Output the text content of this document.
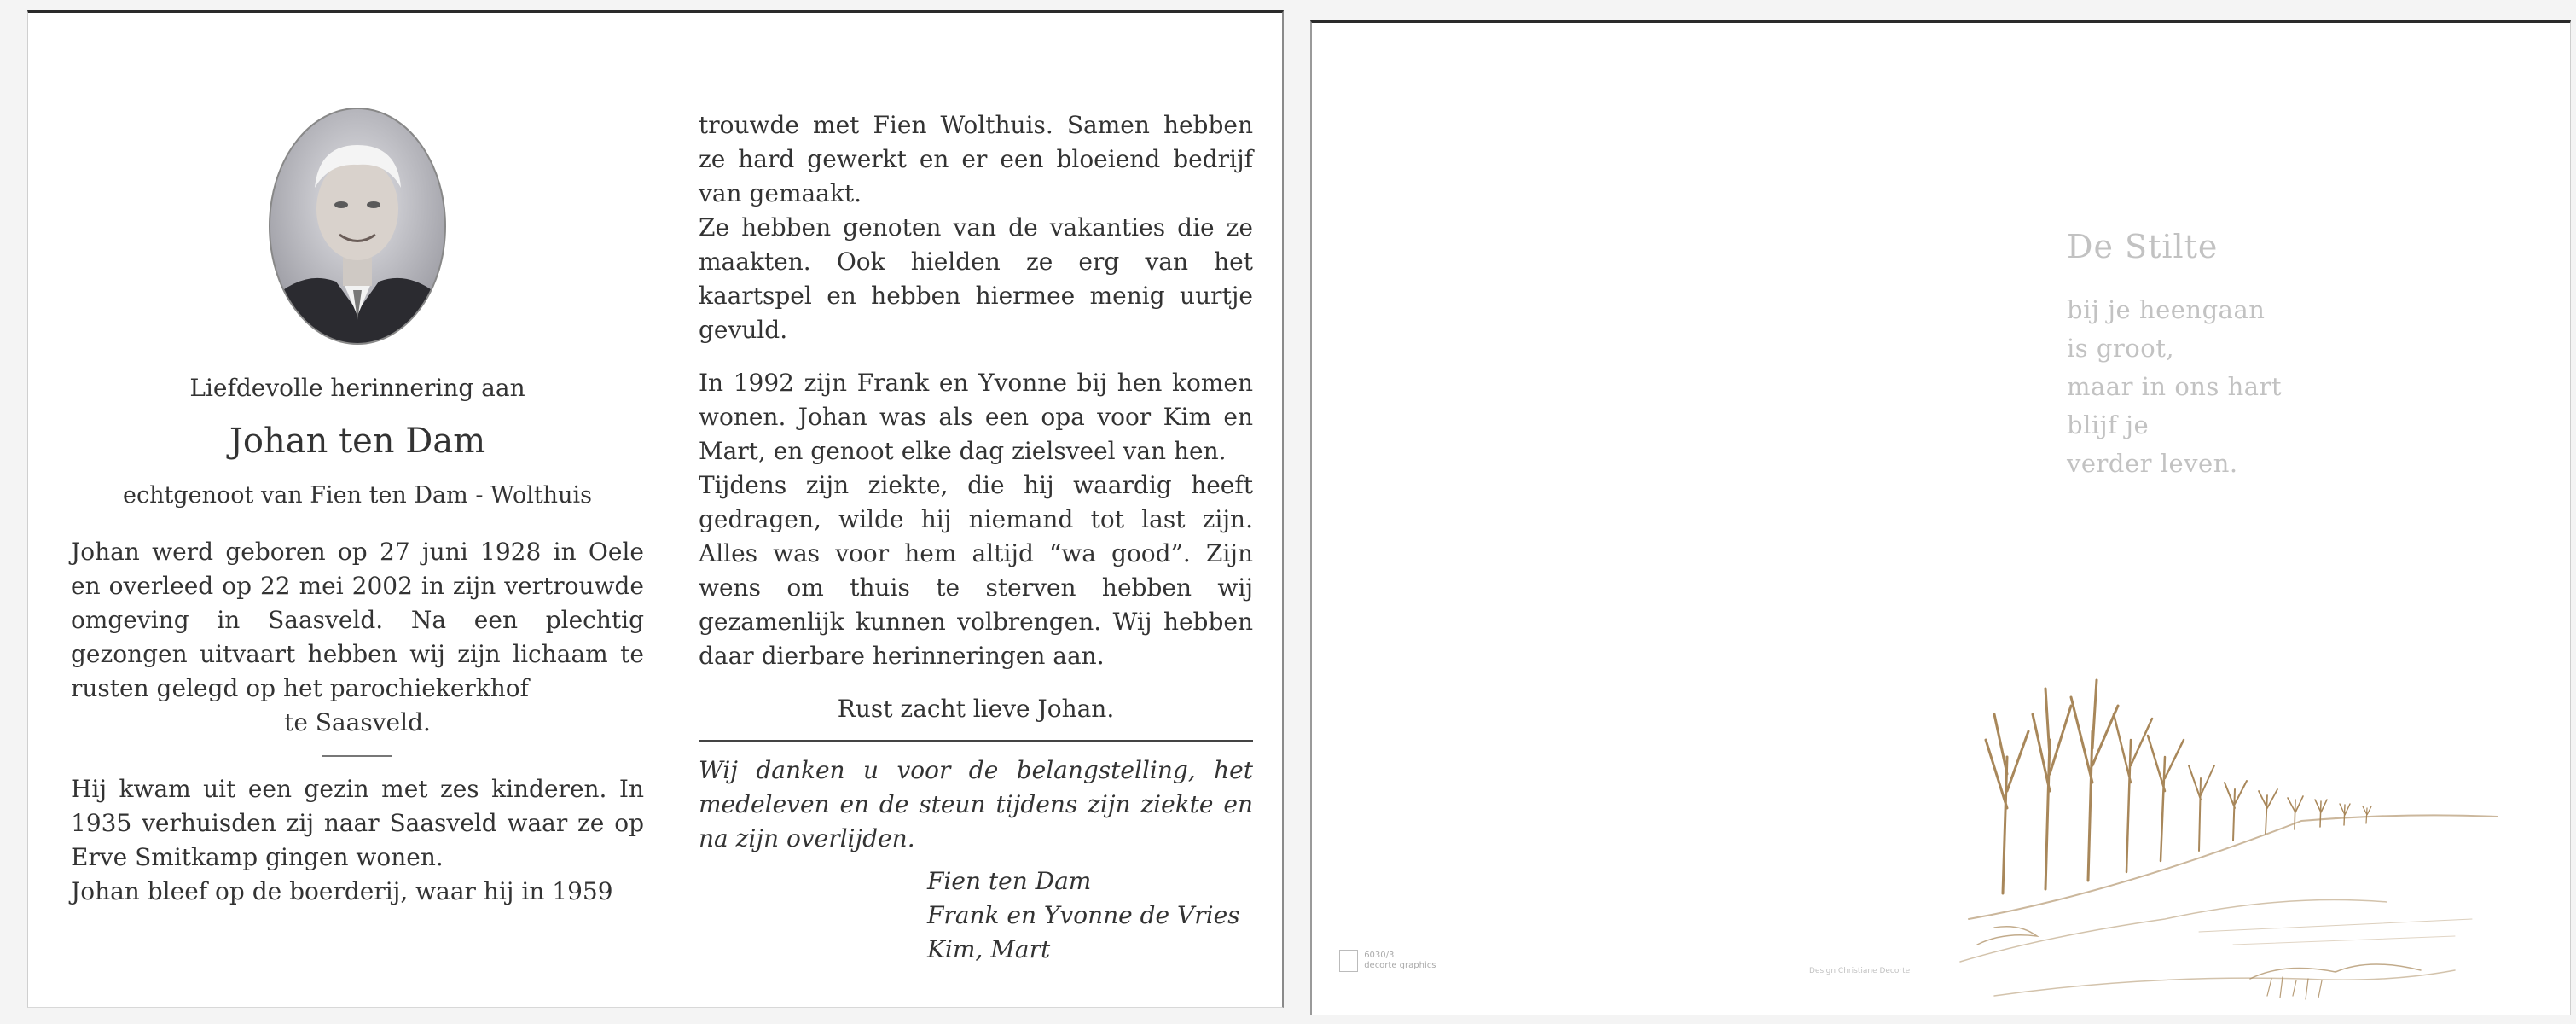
Liefdevolle herinnering aan
Johan ten Dam
echtgenoot van Fien ten Dam - Wolthuis

Johan werd geboren op 27 juni 1928 in Oele en overleed op 22 mei 2002 in zijn vertrouwde omgeving in Saasveld. Na een plechtig gezongen uitvaart hebben wij zijn lichaam te rusten gelegd op het parochiekerkhof

te Saasveld.

Hij kwam uit een gezin met zes kinderen. In 1935 verhuisden zij naar Saasveld waar ze op Erve Smitkamp gingen wonen.

Johan bleef op de boerderij, waar hij in 1959

trouwde met Fien Wolthuis. Samen hebben ze hard gewerkt en er een bloeiend bedrijf van gemaakt.

Ze hebben genoten van de vakanties die ze maakten. Ook hielden ze erg van het kaartspel en hebben hiermee menig uurtje gevuld.

In 1992 zijn Frank en Yvonne bij hen komen wonen. Johan was als een opa voor Kim en Mart, en genoot elke dag zielsveel van hen.

Tijdens zijn ziekte, die hij waardig heeft gedragen, wilde hij niemand tot last zijn. Alles was voor hem altijd “wa good”. Zijn wens om thuis te sterven hebben wij gezamenlijk kunnen volbrengen. Wij hebben daar dierbare herinneringen aan.

Rust zacht lieve Johan.

Wij danken u voor de belangstelling, het medeleven en de steun tijdens zijn ziekte en na zijn overlijden.

Fien ten Dam
Frank en Yvonne de Vries
Kim, Mart
De Stilte
bij je heengaan
is groot,
maar in ons hart
blijf je
verder leven.
6030/3
decorte graphics
Design Christiane Decorte
